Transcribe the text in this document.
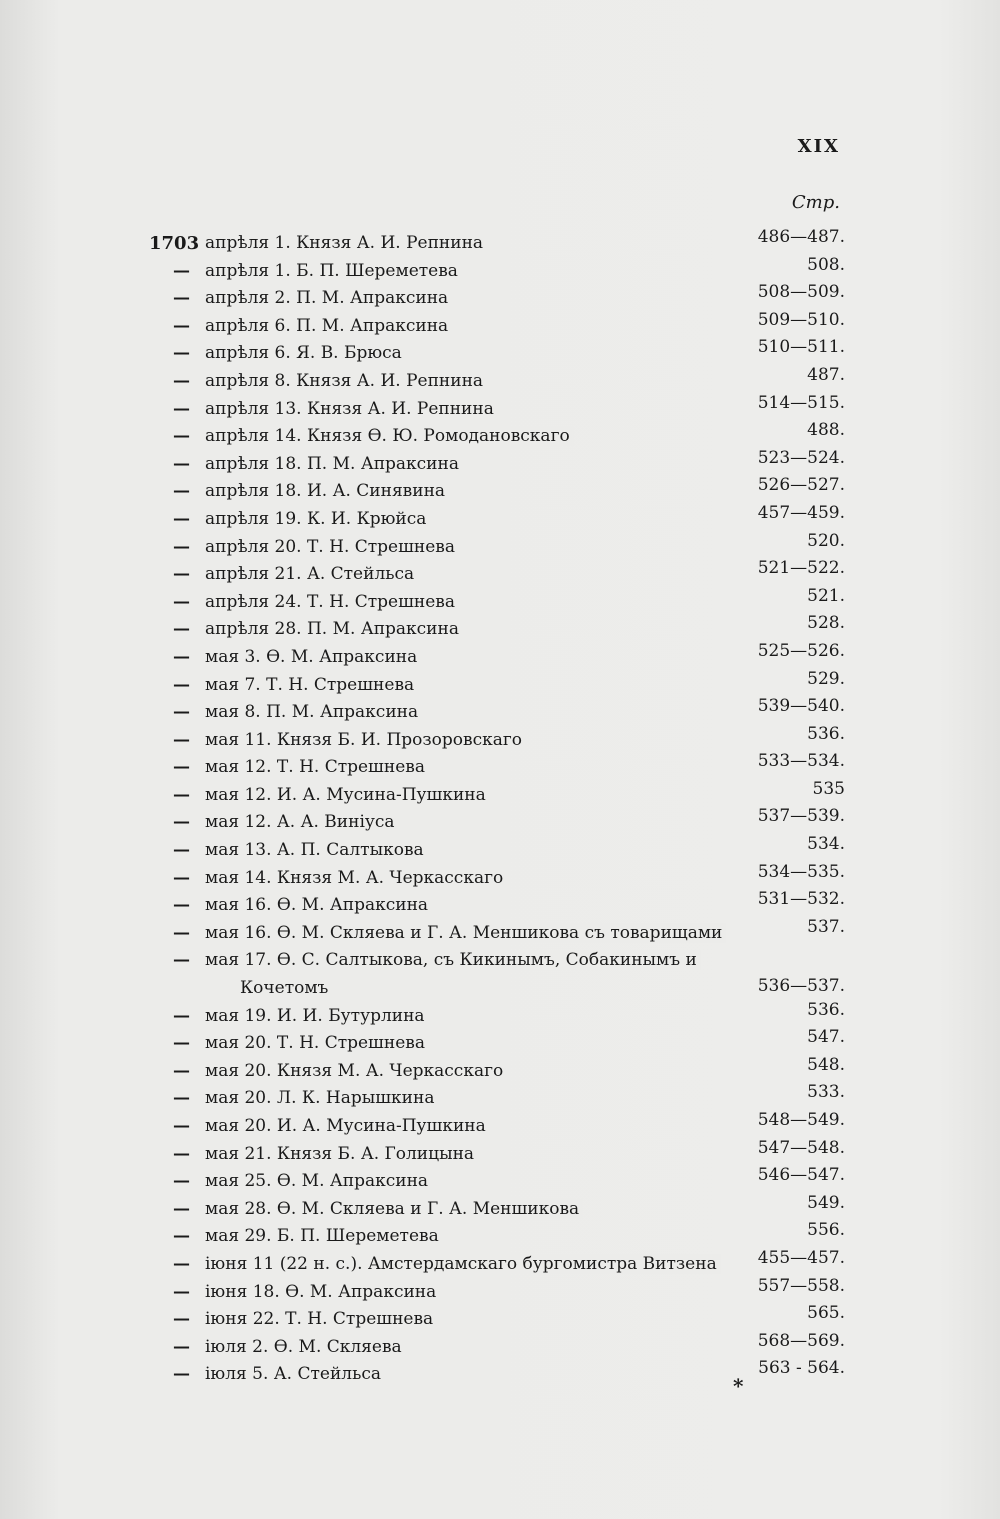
XIX
Стр.
1703 апрѣля 1. Князя А. И. Репнина . . .	486—487.
— апрѣля 1. Б. П. Шереметева . . .	508.
— апрѣля 2. П. М. Апраксина . . .	508—509.
— апрѣля 6. П. М. Апраксина . . .	509—510.
— апрѣля 6. Я. В. Брюса . . .	510—511.
— апрѣля 8. Князя А. И. Репнина . . .	487.
— апрѣля 13. Князя А. И. Репнина . . .	514—515.
— апрѣля 14. Князя Ѳ. Ю. Ромодановскаго . . .	488.
— апрѣля 18. П. М. Апраксина . . .	523—524.
— апрѣля 18. И. А. Синявина . . .	526—527.
— апрѣля 19. К. И. Крюйса . . .	457—459.
— апрѣля 20. Т. Н. Стрешнева . . .	520.
— апрѣля 21. А. Стейльса . . .	521—522.
— апрѣля 24. Т. Н. Стрешнева . . .	521.
— апрѣля 28. П. М. Апраксина . . .	528.
— мая 3. Ѳ. М. Апраксина . . .	525—526.
— мая 7. Т. Н. Стрешнева . . .	529.
— мая 8. П. М. Апраксина . . .	539—540.
— мая 11. Князя Б. И. Прозоровскаго . . .	536.
— мая 12. Т. Н. Стрешнева . . .	533—534.
— мая 12. И. А. Мусина-Пушкина . . .	535
— мая 12. А. А. Виніуса . . .	537—539.
— мая 13. А. П. Салтыкова . . .	534.
— мая 14. Князя М. А. Черкасскаго . . .	534—535.
— мая 16. Ѳ. М. Апраксина . . .	531—532.
— мая 16. Ѳ. М. Скляева и Г. А. Меншикова съ товарищами . . .	537.
— мая 17. Ѳ. С. Салтыкова, съ Кикинымъ, Собакинымъ и
Кочетомъ . . .	536—537.
— мая 19. И. И. Бутурлина . . .	536.
— мая 20. Т. Н. Стрешнева . . .	547.
— мая 20. Князя М. А. Черкасскаго . . .	548.
— мая 20. Л. К. Нарышкина . . .	533.
— мая 20. И. А. Мусина-Пушкина . . .	548—549.
— мая 21. Князя Б. А. Голицына . . .	547—548.
— мая 25. Ѳ. М. Апраксина . . .	546—547.
— мая 28. Ѳ. М. Скляева и Г. А. Меншикова . . .	549.
— мая 29. Б. П. Шереметева . . .	556.
— іюня 11 (22 н. с.). Амстердамскаго бургомистра Витзена . . .	455—457.
— іюня 18. Ѳ. М. Апраксина . . .	557—558.
— іюня 22. Т. Н. Стрешнева . . .	565.
— іюля 2. Ѳ. М. Скляева . . .	568—569.
— іюля 5. А. Стейльса . . .	563 - 564.
*
